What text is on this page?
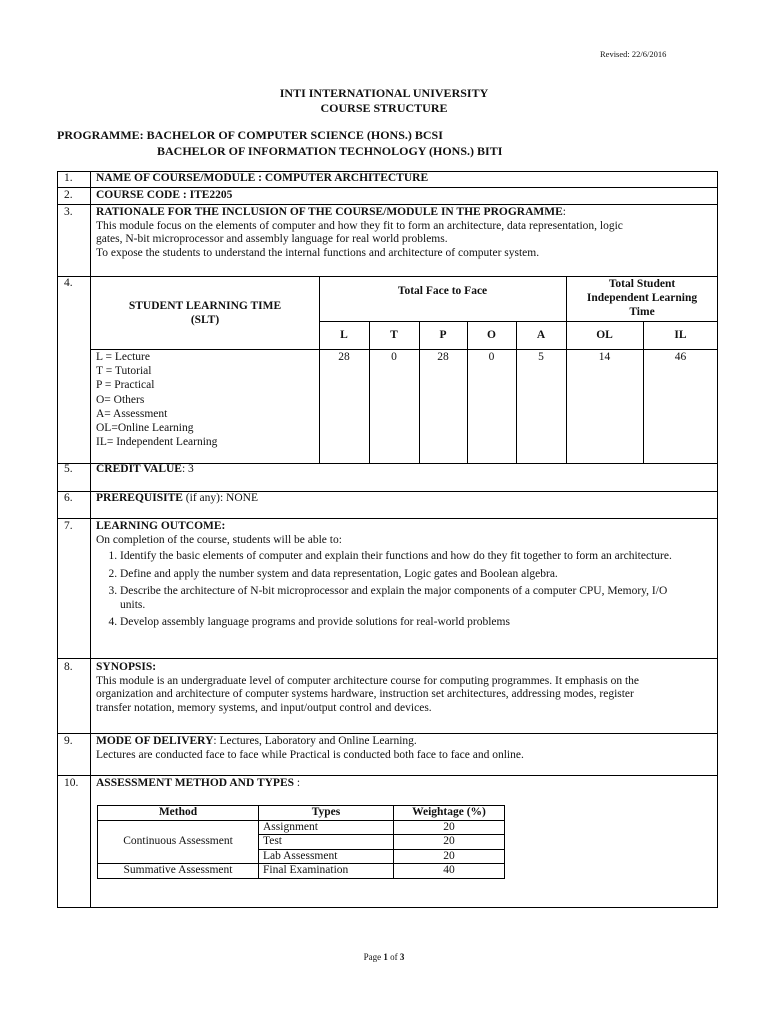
Revised: 22/6/2016
INTI INTERNATIONAL UNIVERSITY
COURSE STRUCTURE
PROGRAMME: BACHELOR OF COMPUTER SCIENCE (HONS.) BCSI
BACHELOR OF INFORMATION TECHNOLOGY (HONS.) BITI
1. NAME OF COURSE/MODULE : COMPUTER ARCHITECTURE
2. COURSE CODE : ITE2205
3. RATIONALE FOR THE INCLUSION OF THE COURSE/MODULE IN THE PROGRAMME:
This module focus on the elements of computer and how they fit to form an architecture, data representation, logic
gates, N-bit microprocessor and assembly language for real world problems.
To expose the students to understand the internal functions and architecture of computer system.
4.
STUDENT LEARNING TIME
(SLT)
Total Face to Face
Total Student
Independent Learning
Time
L	T	P	O	A	OL	IL
28	0	28	0	5	14	46
L = Lecture
T = Tutorial
P = Practical
O= Others
A= Assessment
OL=Online Learning
IL= Independent Learning
5. CREDIT VALUE: 3
6. PREREQUISITE (if any): NONE
7. LEARNING OUTCOME:
On completion of the course, students will be able to:
1. Identify the basic elements of computer and explain their functions and how do they fit together to form an architecture.
2. Define and apply the number system and data representation, Logic gates and Boolean algebra.
3. Describe the architecture of N-bit microprocessor and explain the major components of a computer CPU, Memory, I/O units.
4. Develop assembly language programs and provide solutions for real-world problems
8. SYNOPSIS:
This module is an undergraduate level of computer architecture course for computing programmes. It emphasis on the
organization and architecture of computer systems hardware, instruction set architectures, addressing modes, register
transfer notation, memory systems, and input/output control and devices.
9. MODE OF DELIVERY: Lectures, Laboratory and Online Learning.
Lectures are conducted face to face while Practical is conducted both face to face and online.
10. ASSESSMENT METHOD AND TYPES :
Method	Types	Weightage (%)
Continuous Assessment	Assignment	20
	Test	20
	Lab Assessment	20
Summative Assessment	Final Examination	40
Page 1 of 3
